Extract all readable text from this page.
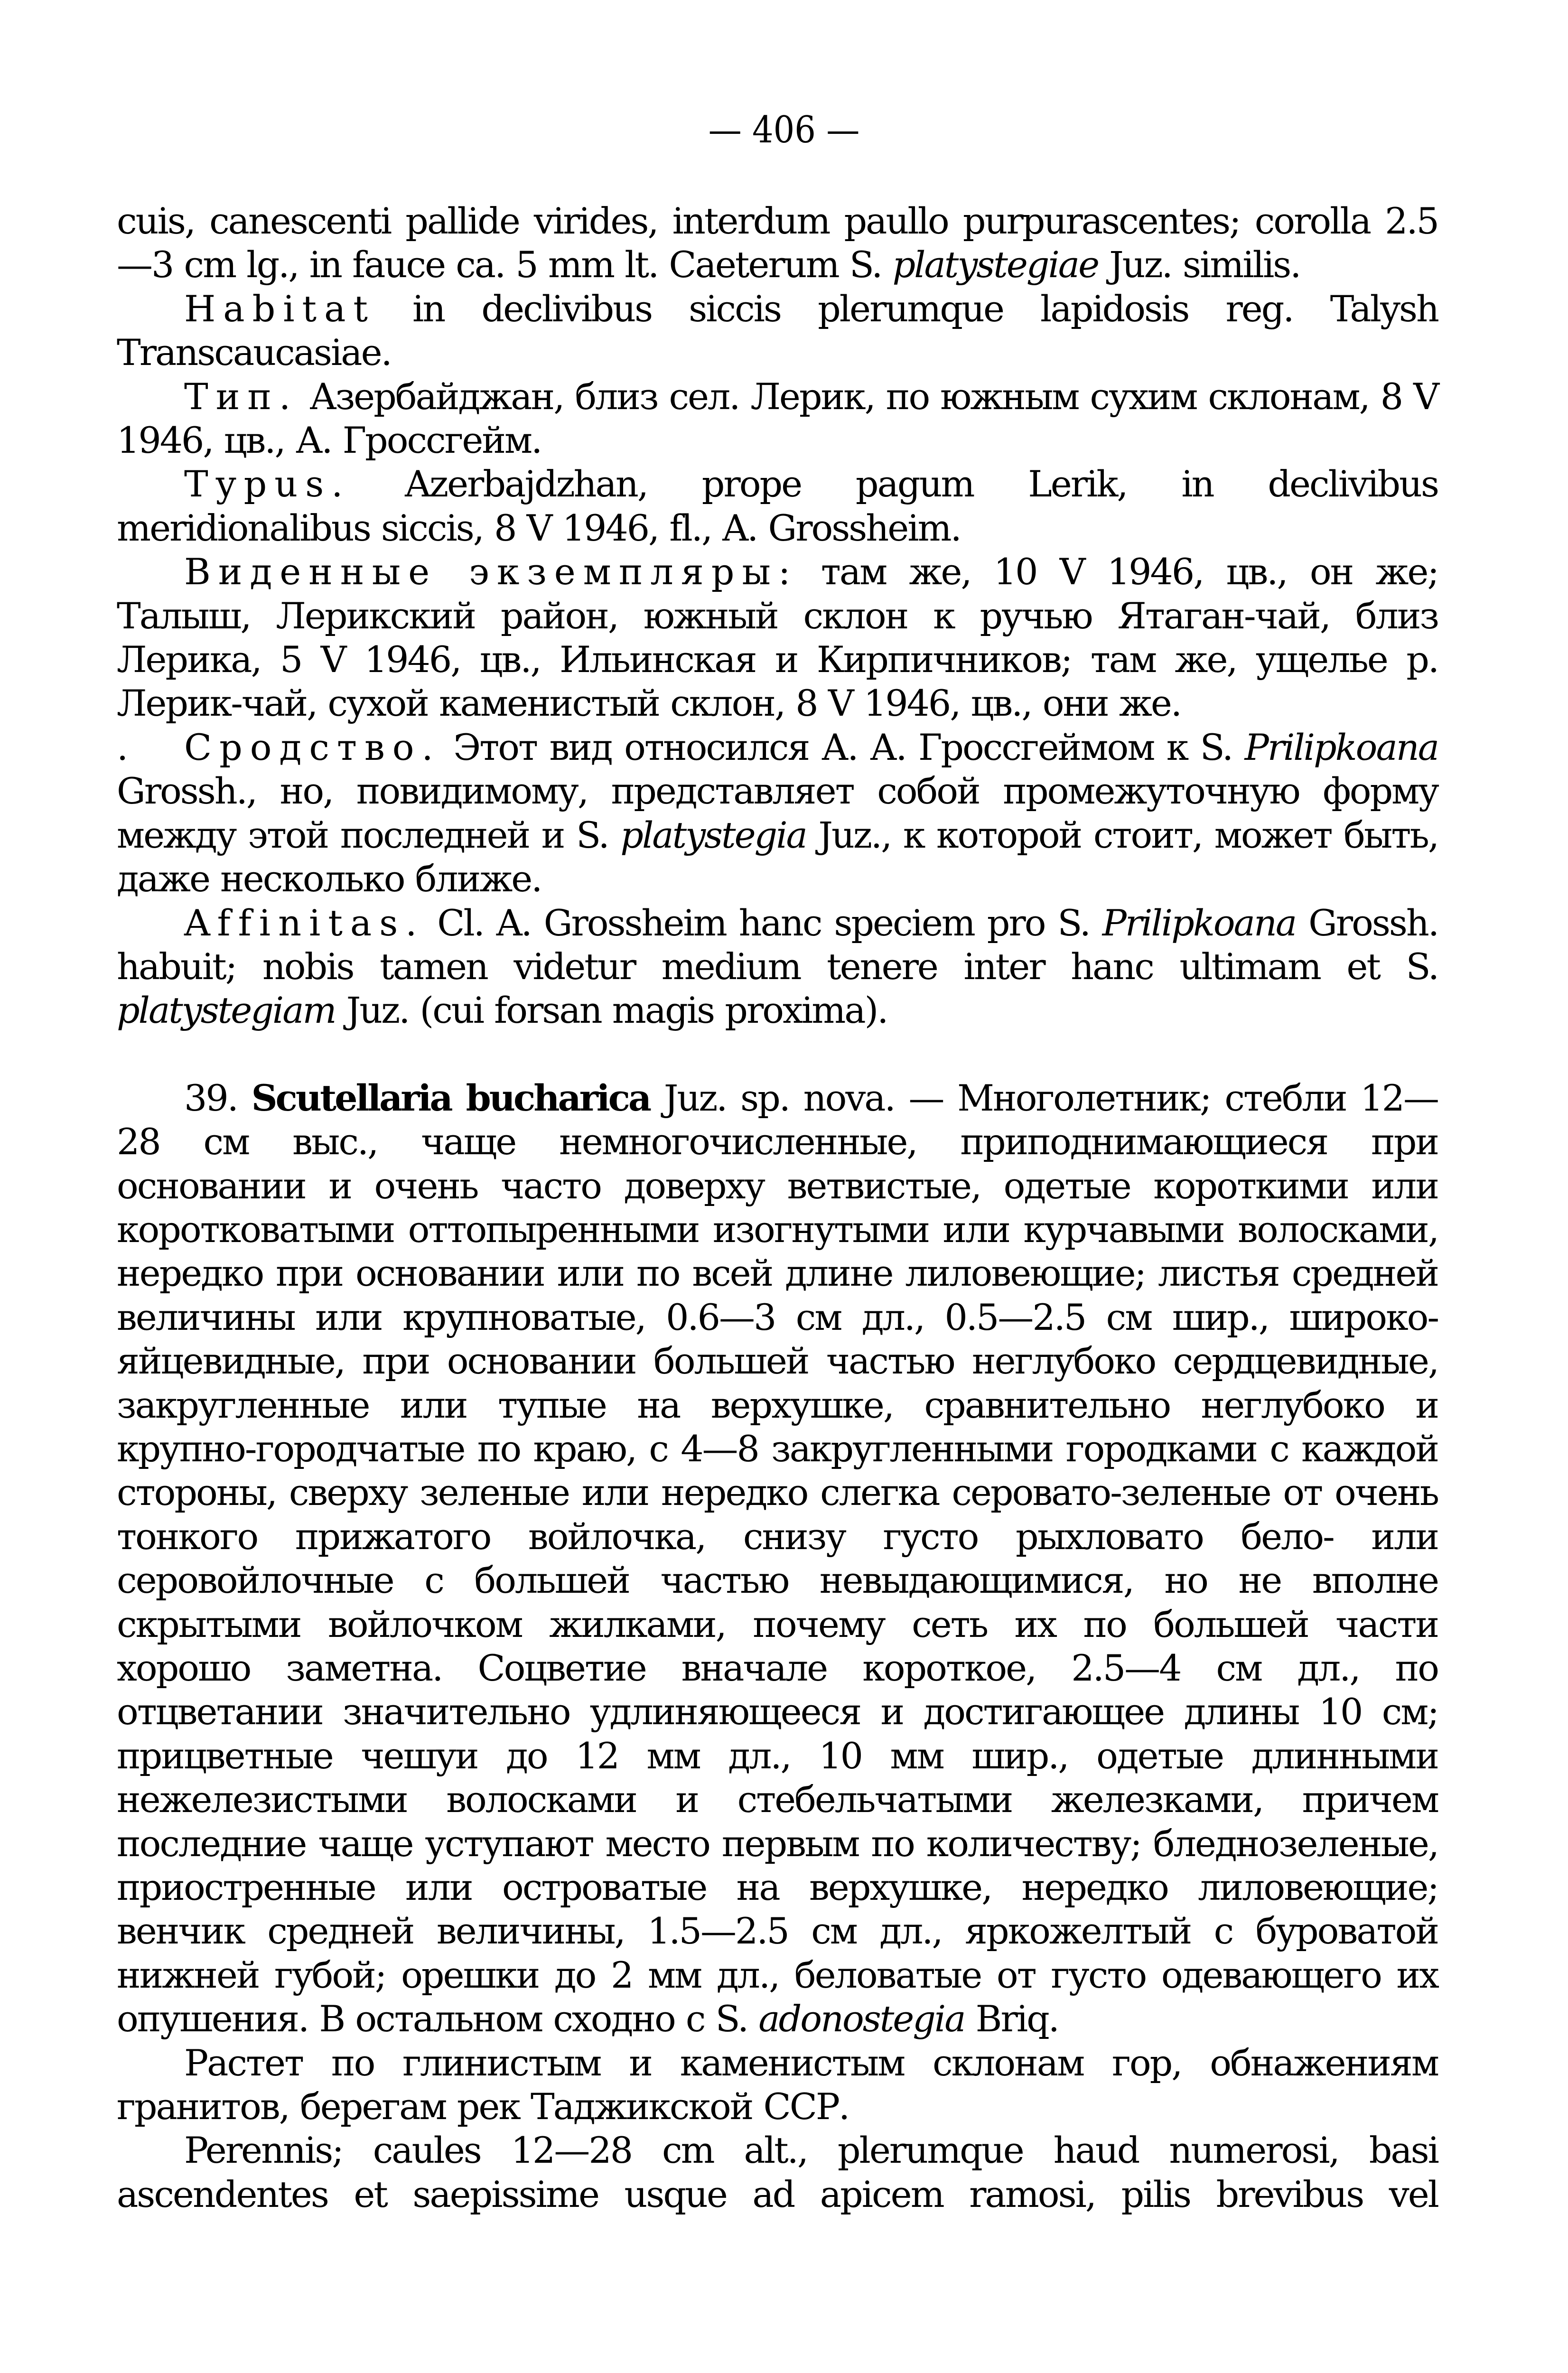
— 406 —

cuis, canescenti pallide virides, interdum paullo purpurascentes; corolla 2.5—3 cm lg., in fauce ca. 5 mm lt. Caeterum S. platystegiae Juz. similis.

Habitat in declivibus siccis plerumque lapidosis reg. Talysh Transcaucasiae.

Тип. Азербайджан, близ сел. Лерик, по южным сухим склонам, 8 V 1946, цв., А. Гроссгейм.

Typus. Azerbajdzhan, prope pagum Lerik, in declivibus meridionalibus siccis, 8 V 1946, fl., A. Grossheim.

Виденные экземпляры: там же, 10 V 1946, цв., он же; Талыш, Лерикский район, южный склон к ручью Ятаган-чай, близ Лерика, 5 V 1946, цв., Ильинская и Кирпичников; там же, ущелье р. Лерик-чай, сухой каменистый склон, 8 V 1946, цв., они же.

. Сродство. Этот вид относился А. А. Гроссгеймом к S. Prilipkoana Grossh., но, повидимому, представляет собой промежуточную форму между этой последней и S. platystegia Juz., к которой стоит, может быть, даже несколько ближе.

Affinitas. Cl. A. Grossheim hanc speciem pro S. Prilipkoana Grossh. habuit; nobis tamen videtur medium tenere inter hanc ultimam et S. platystegiam Juz. (cui forsan magis proxima).

39. Scutellaria bucharica Juz. sp. nova. — Многолетник; стебли 12—28 см выс., чаще немногочисленные, приподнимающиеся при основании и очень часто доверху ветвистые, одетые короткими или коротковатыми оттопыренными изогнутыми или курчавыми волосками, нередко при основании или по всей длине лиловеющие; листья средней величины или крупноватые, 0.6—3 см дл., 0.5—2.5 см шир., широко-яйцевидные, при основании большей частью неглубоко сердцевидные, закругленные или тупые на верхушке, сравнительно неглубоко и крупно-городчатые по краю, с 4—8 закругленными городками с каждой стороны, сверху зеленые или нередко слегка серовато-зеленые от очень тонкого прижатого войлочка, снизу густо рыхловато бело- или серовойлочные с большей частью невыдающимися, но не вполне скрытыми войлочком жилками, почему сеть их по большей части хорошо заметна. Соцветие вначале короткое, 2.5—4 см дл., по отцветании значительно удлиняющееся и достигающее длины 10 см; прицветные чешуи до 12 мм дл., 10 мм шир., одетые длинными нежелезистыми волосками и стебельчатыми железками, причем последние чаще уступают место первым по количеству; бледнозеленые, приостренные или островатые на верхушке, нередко лиловеющие; венчик средней величины, 1.5—2.5 см дл., яркожелтый с буроватой нижней губой; орешки до 2 мм дл., беловатые от густо одевающего их опушения. В остальном сходно с S. adonostegia Briq.

Растет по глинистым и каменистым склонам гор, обнажениям гранитов, берегам рек Таджикской ССР.

Perennis; caules 12—28 cm alt., plerumque haud numerosi, basi ascendentes et saepissime usque ad apicem ramosi, pilis brevibus vel
